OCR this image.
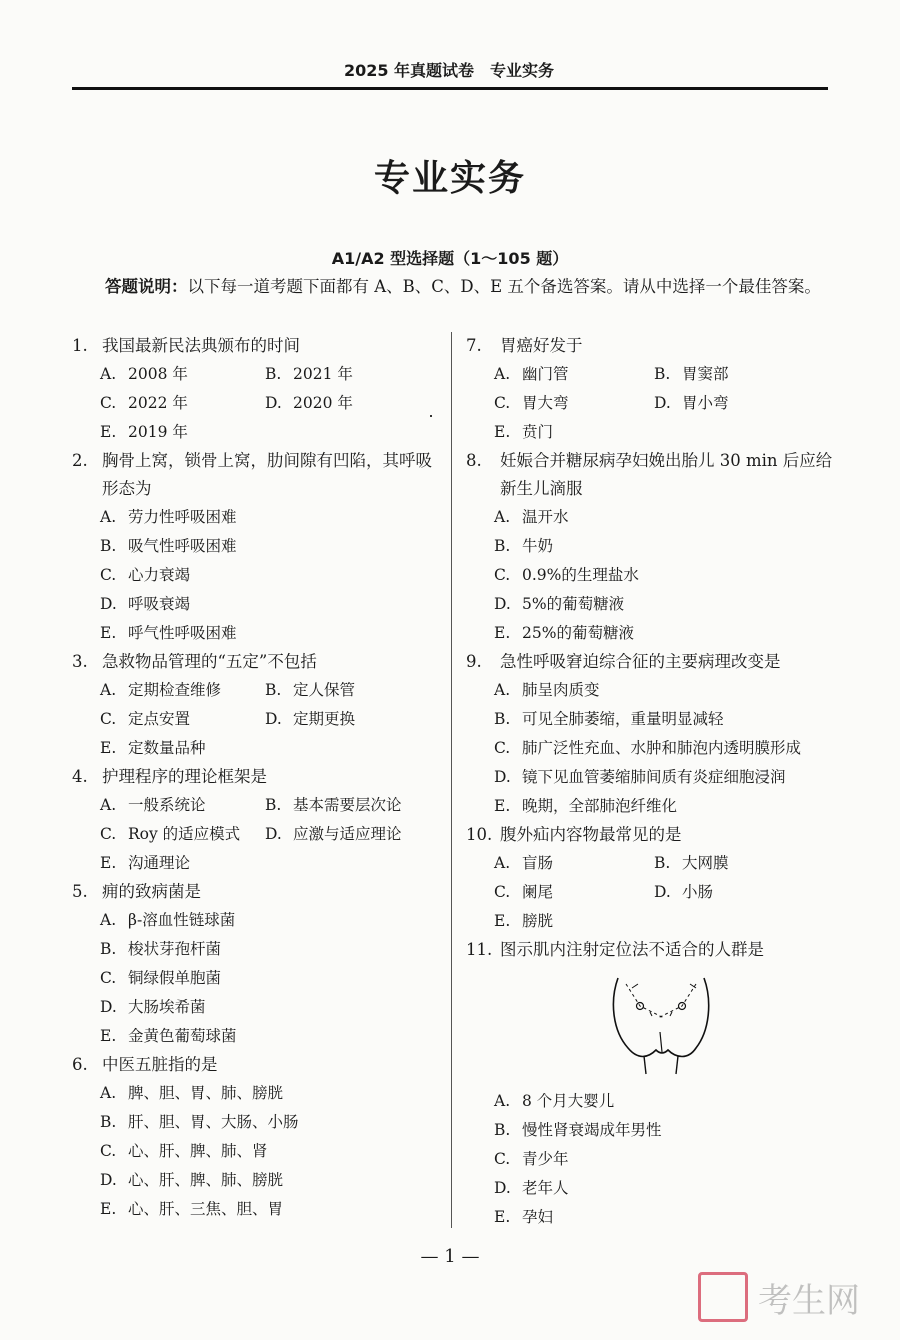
2025 年真题试卷　专业实务
专业实务
A1/A2 型选择题（1～105 题）
答题说明：以下每一道考题下面都有 A、B、C、D、E 五个备选答案。请从中选择一个最佳答案。
1. 我国最新民法典颁布的时间
A. 2008 年	B. 2021 年
C. 2022 年	D. 2020 年
E. 2019 年
2. 胸骨上窝，锁骨上窝，肋间隙有凹陷，其呼吸形态为
A. 劳力性呼吸困难
B. 吸气性呼吸困难
C. 心力衰竭
D. 呼吸衰竭
E. 呼气性呼吸困难
3. 急救物品管理的“五定”不包括
A. 定期检查维修	B. 定人保管
C. 定点安置	D. 定期更换
E. 定数量品种
4. 护理程序的理论框架是
A. 一般系统论	B. 基本需要层次论
C. Roy 的适应模式 D. 应激与适应理论
E. 沟通理论
5. 痈的致病菌是
A. β-溶血性链球菌
B. 梭状芽孢杆菌
C. 铜绿假单胞菌
D. 大肠埃希菌
E. 金黄色葡萄球菌
6. 中医五脏指的是
A. 脾、胆、胃、肺、膀胱
B. 肝、胆、胃、大肠、小肠
C. 心、肝、脾、肺、肾
D. 心、肝、脾、肺、膀胱
E. 心、肝、三焦、胆、胃
7.	胃癌好发于
A. 幽门管	B. 胃窦部
C. 胃大弯	D. 胃小弯
E. 贲门
8.	妊娠合并糖尿病孕妇娩出胎儿 30 min 后应给新生儿滴服
A. 温开水
B. 牛奶
C. 0.9%的生理盐水
D. 5%的葡萄糖液
E. 25%的葡萄糖液
9.	急性呼吸窘迫综合征的主要病理改变是
A. 肺呈肉质变
B. 可见全肺萎缩，重量明显减轻
C. 肺广泛性充血、水肿和肺泡内透明膜形成
D. 镜下见血管萎缩肺间质有炎症细胞浸润
E. 晚期，全部肺泡纤维化
10. 腹外疝内容物最常见的是
A. 盲肠	B. 大网膜
C. 阑尾	D. 小肠
E. 膀胱
11. 图示肌内注射定位法不适合的人群是
A. 8 个月大婴儿
B. 慢性肾衰竭成年男性
C. 青少年
D. 老年人
E. 孕妇
— 1 —
考生网
